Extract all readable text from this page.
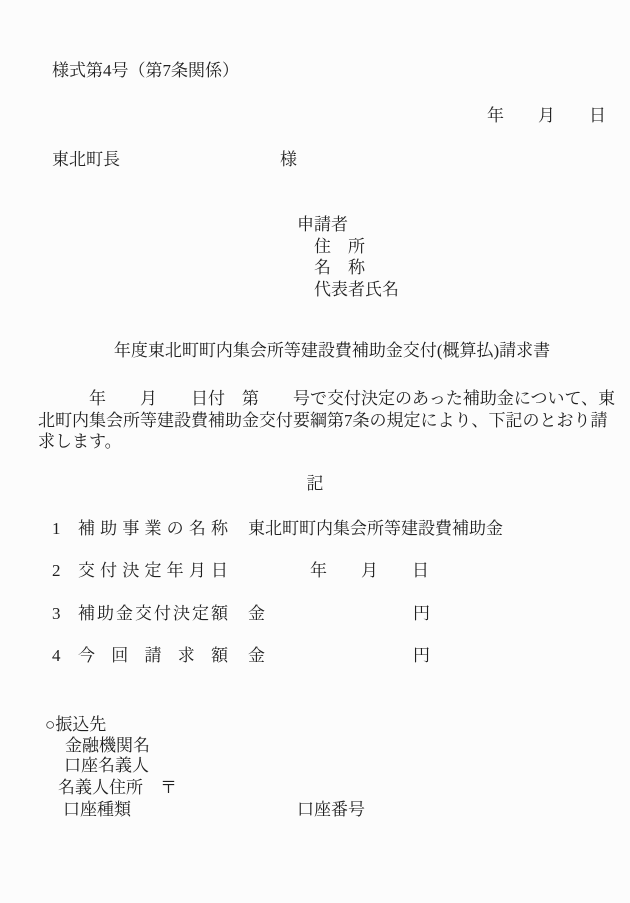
様式第4号（第7条関係）
年　　月　　日
東北町長	様
申請者
住　所
名　称
代表者氏名
　　年度東北町町内集会所等建設費補助金交付(概算払)請求書
　　　年　　月　　日付　第　　号で交付決定のあった補助金について、東
北町内集会所等建設費補助金交付要綱第7条の規定により、下記のとおり請
求します。
記
1 補助事業の名称 東北町町内集会所等建設費補助金
2 交付決定年月日	年　　月　　日
3 補助金交付決定額 金	円
4 今回請求額 金	円
○振込先
金融機関名
口座名義人
名義人住所　〒
口座種類	口座番号
